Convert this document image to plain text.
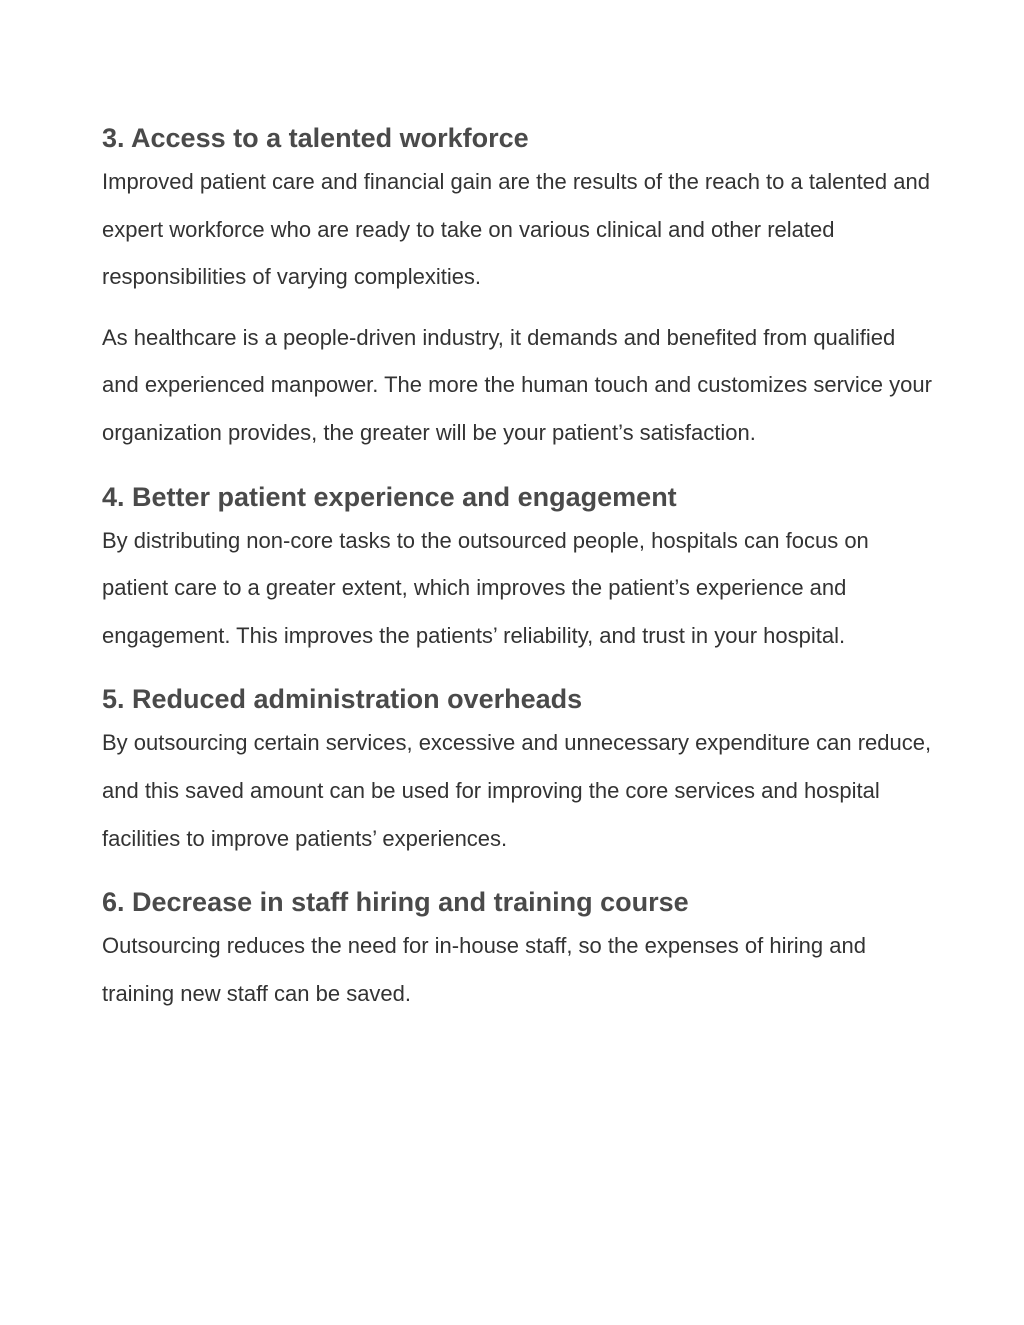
3. Access to a talented workforce

Improved patient care and financial gain are the results of the reach to a talented and expert workforce who are ready to take on various clinical and other related responsibilities of varying complexities.

As healthcare is a people-driven industry, it demands and benefited from qualified and experienced manpower. The more the human touch and customizes service your organization provides, the greater will be your patient’s satisfaction.

4. Better patient experience and engagement

By distributing non-core tasks to the outsourced people, hospitals can focus on patient care to a greater extent, which improves the patient’s experience and engagement. This improves the patients’ reliability, and trust in your hospital.

5. Reduced administration overheads

By outsourcing certain services, excessive and unnecessary expenditure can reduce, and this saved amount can be used for improving the core services and hospital facilities to improve patients’ experiences.

6. Decrease in staff hiring and training course

Outsourcing reduces the need for in-house staff, so the expenses of hiring and training new staff can be saved.
